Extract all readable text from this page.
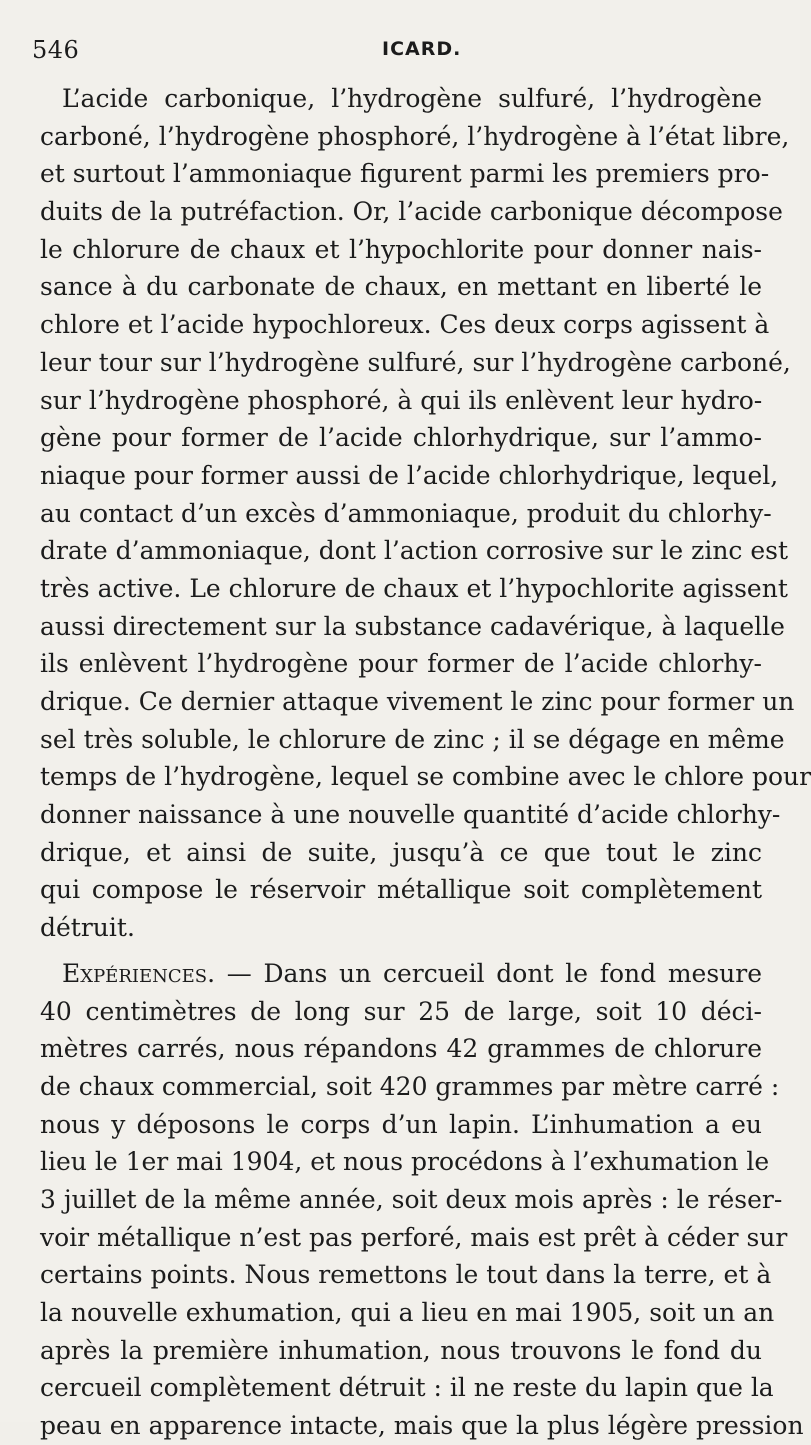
546	ICARD.
L’acide carbonique, l’hydrogène sulfuré, l’hydrogène
carboné, l’hydrogène phosphoré, l’hydrogène à l’état libre,
et surtout l’ammoniaque figurent parmi les premiers pro-
duits de la putréfaction. Or, l’acide carbonique décompose
le chlorure de chaux et l’hypochlorite pour donner nais-
sance à du carbonate de chaux, en mettant en liberté le
chlore et l’acide hypochloreux. Ces deux corps agissent à
leur tour sur l’hydrogène sulfuré, sur l’hydrogène carboné,
sur l’hydrogène phosphoré, à qui ils enlèvent leur hydro-
gène pour former de l’acide chlorhydrique, sur l’ammo-
niaque pour former aussi de l’acide chlorhydrique, lequel,
au contact d’un excès d’ammoniaque, produit du chlorhy-
drate d’ammoniaque, dont l’action corrosive sur le zinc est
très active. Le chlorure de chaux et l’hypochlorite agissent
aussi directement sur la substance cadavérique, à laquelle
ils enlèvent l’hydrogène pour former de l’acide chlorhy-
drique. Ce dernier attaque vivement le zinc pour former un
sel très soluble, le chlorure de zinc ; il se dégage en même
temps de l’hydrogène, lequel se combine avec le chlore pour
donner naissance à une nouvelle quantité d’acide chlorhy-
drique, et ainsi de suite, jusqu’à ce que tout le zinc
qui compose le réservoir métallique soit complètement
détruit.
Expériences. — Dans un cercueil dont le fond mesure
40 centimètres de long sur 25 de large, soit 10 déci-
mètres carrés, nous répandons 42 grammes de chlorure
de chaux commercial, soit 420 grammes par mètre carré :
nous y déposons le corps d’un lapin. L’inhumation a eu
lieu le 1er mai 1904, et nous procédons à l’exhumation le
3 juillet de la même année, soit deux mois après : le réser-
voir métallique n’est pas perforé, mais est prêt à céder sur
certains points. Nous remettons le tout dans la terre, et à
la nouvelle exhumation, qui a lieu en mai 1905, soit un an
après la première inhumation, nous trouvons le fond du
cercueil complètement détruit : il ne reste du lapin que la
peau en apparence intacte, mais que la plus légère pression
